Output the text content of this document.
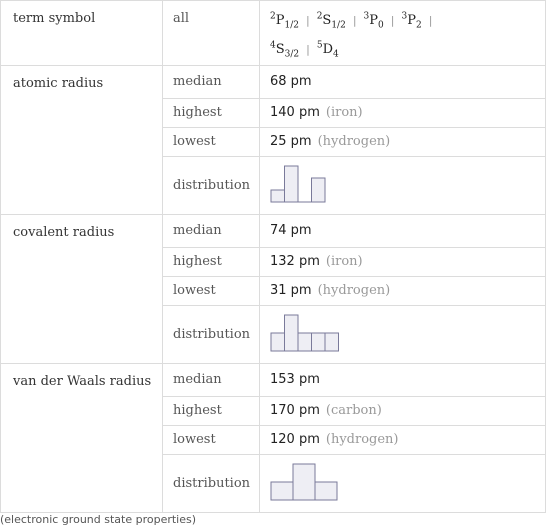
term symbol	all	$^2P_{1/2}$ | $^2S_{1/2}$ | $^3P_0$ | $^3P_2$ |
$^4S_{3/2}$ | $^5D_4$

atomic radius	median	68 pm
	highest	140 pm (iron)
	lowest	25 pm (hydrogen)
	distribution	

covalent radius	median	74 pm
	highest	132 pm (iron)
	lowest	31 pm (hydrogen)
	distribution	

van der Waals radius	median	153 pm
	highest	170 pm (carbon)
	lowest	120 pm (hydrogen)
	distribution	
(electronic ground state properties)
